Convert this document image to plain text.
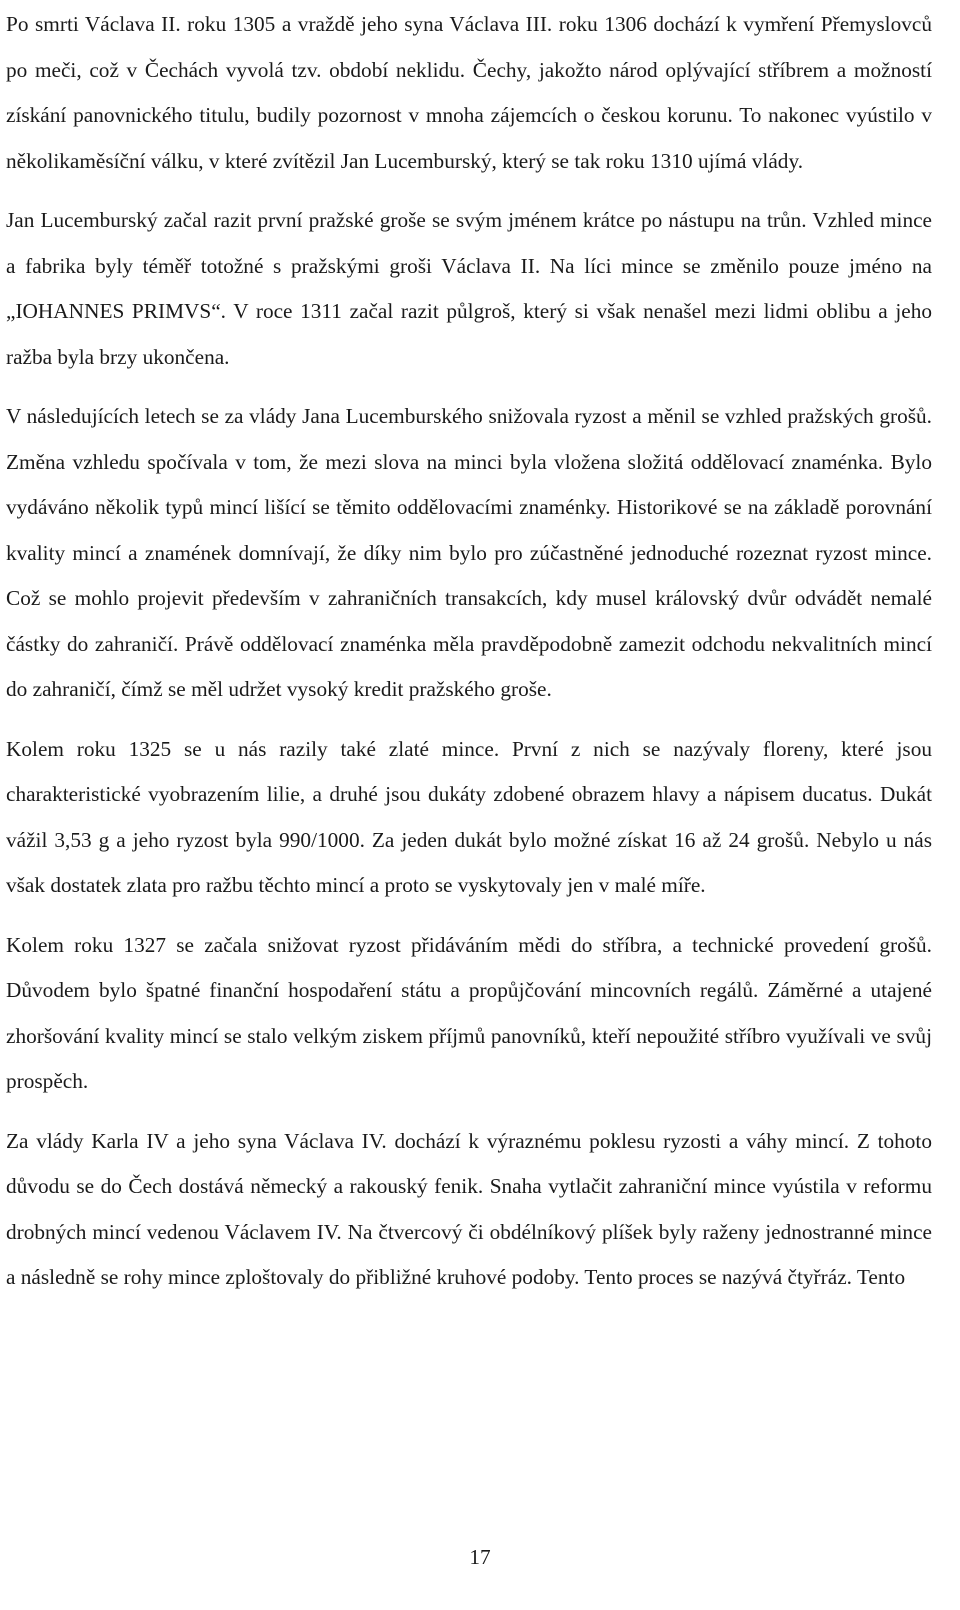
Po smrti Václava II. roku 1305 a vraždě jeho syna Václava III. roku 1306 dochází k vymření Přemyslovců po meči, což v Čechách vyvolá tzv. období neklidu. Čechy, jakožto národ oplývající stříbrem a možností získání panovnického titulu, budily pozornost v mnoha zájemcích o českou korunu. To nakonec vyústilo v několikaměsíční válku, v které zvítězil Jan Lucemburský, který se tak roku 1310 ujímá vlády.

Jan Lucemburský začal razit první pražské groše se svým jménem krátce po nástupu na trůn. Vzhled mince a fabrika byly téměř totožné s pražskými groši Václava II. Na líci mince se změnilo pouze jméno na „IOHANNES PRIMVS“. V roce 1311 začal razit půlgroš, který si však nenašel mezi lidmi oblibu a jeho ražba byla brzy ukončena.

V následujících letech se za vlády Jana Lucemburského snižovala ryzost a měnil se vzhled pražských grošů. Změna vzhledu spočívala v tom, že mezi slova na minci byla vložena složitá oddělovací znaménka. Bylo vydáváno několik typů mincí lišící se těmito oddělovacími znaménky. Historikové se na základě porovnání kvality mincí a znamének domnívají, že díky nim bylo pro zúčastněné jednoduché rozeznat ryzost mince. Což se mohlo projevit především v zahraničních transakcích, kdy musel královský dvůr odvádět nemalé částky do zahraničí. Právě oddělovací znaménka měla pravděpodobně zamezit odchodu nekvalitních mincí do zahraničí, čímž se měl udržet vysoký kredit pražského groše.

Kolem roku 1325 se u nás razily také zlaté mince. První z nich se nazývaly floreny, které jsou charakteristické vyobrazením lilie, a druhé jsou dukáty zdobené obrazem hlavy a nápisem ducatus. Dukát vážil 3,53 g a jeho ryzost byla 990/1000. Za jeden dukát bylo možné získat 16 až 24 grošů. Nebylo u nás však dostatek zlata pro ražbu těchto mincí a proto se vyskytovaly jen v malé míře.

Kolem roku 1327 se začala snižovat ryzost přidáváním mědi do stříbra, a technické provedení grošů. Důvodem bylo špatné finanční hospodaření státu a propůjčování mincovních regálů. Záměrné a utajené zhoršování kvality mincí se stalo velkým ziskem příjmů panovníků, kteří nepoužité stříbro využívali ve svůj prospěch.

Za vlády Karla IV a jeho syna Václava IV. dochází k výraznému poklesu ryzosti a váhy mincí. Z tohoto důvodu se do Čech dostává německý a rakouský fenik. Snaha vytlačit zahraniční mince vyústila v reformu drobných mincí vedenou Václavem IV. Na čtvercový či obdélníkový plíšek byly raženy jednostranné mince a následně se rohy mince zploštovaly do přibližné kruhové podoby. Tento proces se nazývá čtyřráz. Tento

17
